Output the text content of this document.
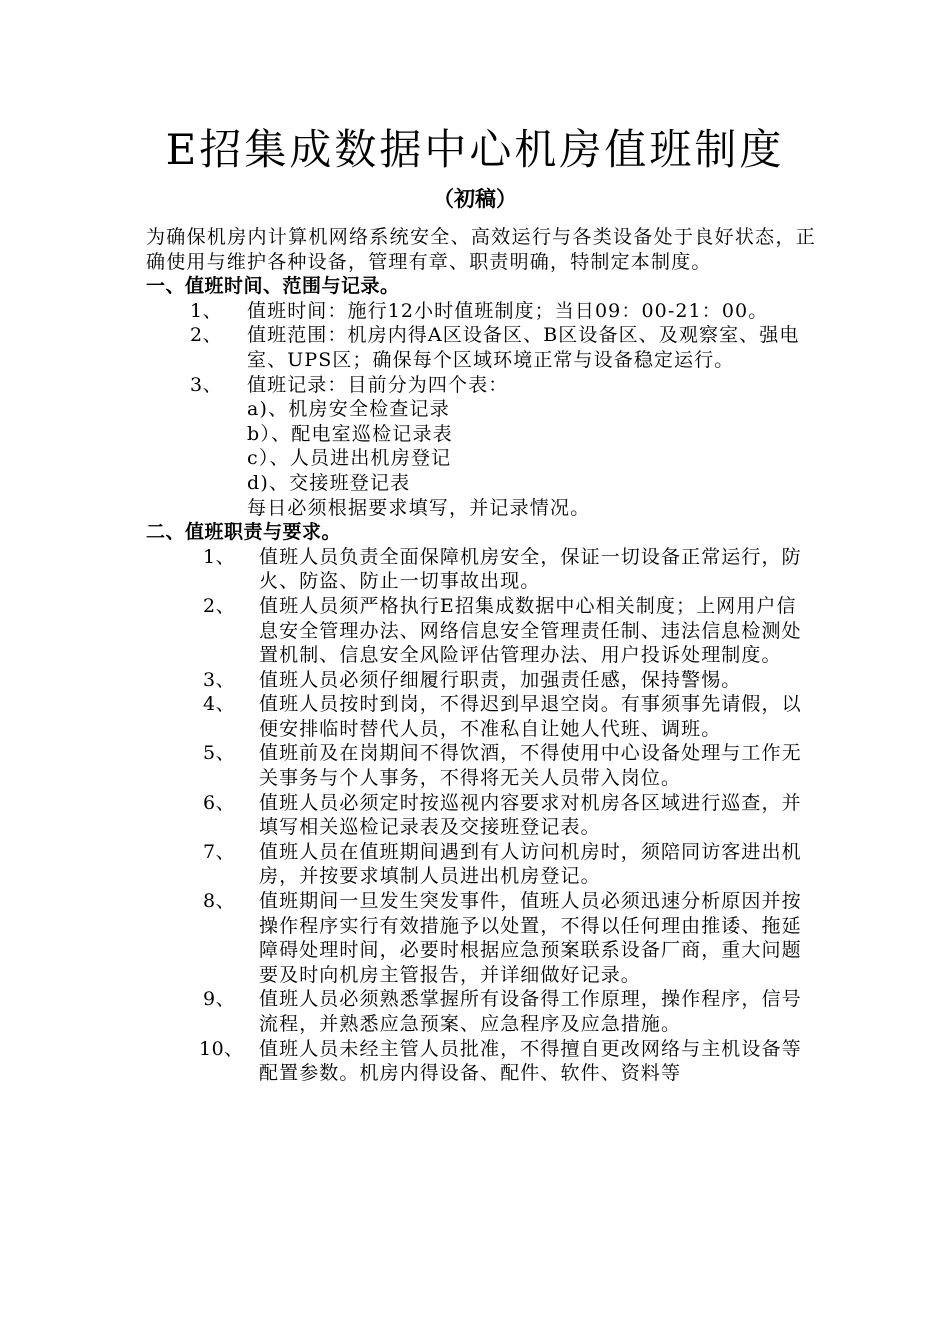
E招集成数据中心机房值班制度
（初稿）
为确保机房内计算机网络系统安全、高效运行与各类设备处于良好状态，正确使用与维护各种设备，管理有章、职责明确，特制定本制度。
一、值班时间、范围与记录。
1、	值班时间：施行12小时值班制度；当日09：00-21：00。
2、	值班范围：机房内得A区设备区、B区设备区、及观察室、强电室、UPS区；确保每个区域环境正常与设备稳定运行。
3、	值班记录：目前分为四个表：
a)、机房安全检查记录
b）、配电室巡检记录表
c）、人员进出机房登记
d)、交接班登记表
每日必须根据要求填写，并记录情况。
二、值班职责与要求。
1、	值班人员负责全面保障机房安全，保证一切设备正常运行，防火、防盗、防止一切事故出现。
2、	值班人员须严格执行E招集成数据中心相关制度；上网用户信息安全管理办法、网络信息安全管理责任制、违法信息检测处置机制、信息安全风险评估管理办法、用户投诉处理制度。
3、	值班人员必须仔细履行职责，加强责任感，保持警惕。
4、	值班人员按时到岗，不得迟到早退空岗。有事须事先请假，以便安排临时替代人员，不准私自让她人代班、调班。
5、	值班前及在岗期间不得饮酒，不得使用中心设备处理与工作无关事务与个人事务，不得将无关人员带入岗位。
6、	值班人员必须定时按巡视内容要求对机房各区域进行巡查，并填写相关巡检记录表及交接班登记表。
7、	值班人员在值班期间遇到有人访问机房时，须陪同访客进出机房，并按要求填制人员进出机房登记。
8、	值班期间一旦发生突发事件，值班人员必须迅速分析原因并按操作程序实行有效措施予以处置，不得以任何理由推诿、拖延障碍处理时间，必要时根据应急预案联系设备厂商，重大问题要及时向机房主管报告，并详细做好记录。
9、	值班人员必须熟悉掌握所有设备得工作原理，操作程序，信号流程，并熟悉应急预案、应急程序及应急措施。
10、 值班人员未经主管人员批准，不得擅自更改网络与主机设备等配置参数。机房内得设备、配件、软件、资料等
